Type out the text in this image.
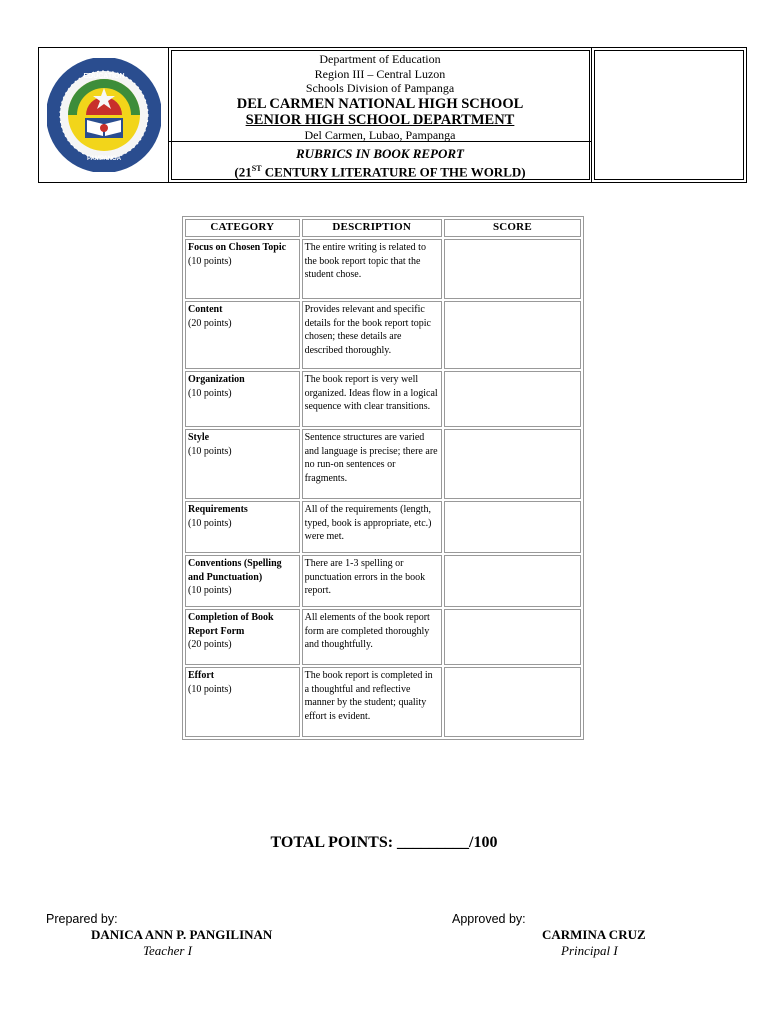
EDUCATION
PAMPANGA
Department of Education
Region III – Central Luzon
Schools Division of Pampanga
DEL CARMEN NATIONAL HIGH SCHOOL
SENIOR HIGH SCHOOL DEPARTMENT
Del Carmen, Lubao, Pampanga
RUBRICS IN BOOK REPORT
(21ST CENTURY LITERATURE OF THE WORLD)
CATEGORY	DESCRIPTION	SCORE
Focus on Chosen Topic
(10 points)	The entire writing is related to the book report topic that the student chose.	
Content
(20 points)	Provides relevant and specific details for the book report topic chosen; these details are described thoroughly.	
Organization
(10 points)	The book report is very well organized. Ideas flow in a logical sequence with clear transitions.	
Style
(10 points)	Sentence structures are varied and language is precise; there are no run-on sentences or fragments.	
Requirements
(10 points)	All of the requirements (length, typed, book is appropriate, etc.) were met.	
Conventions (Spelling and Punctuation)
(10 points)	There are 1-3 spelling or punctuation errors in the book report.	
Completion of Book Report Form
(20 points)	All elements of the book report form are completed thoroughly and thoughtfully.	
Effort
(10 points)	The book report is completed in a thoughtful and reflective manner by the student; quality effort is evident.	
TOTAL POINTS: _________/100
Prepared by:
DANICA ANN P. PANGILINAN
Teacher I
Approved by:
CARMINA CRUZ
Principal I
